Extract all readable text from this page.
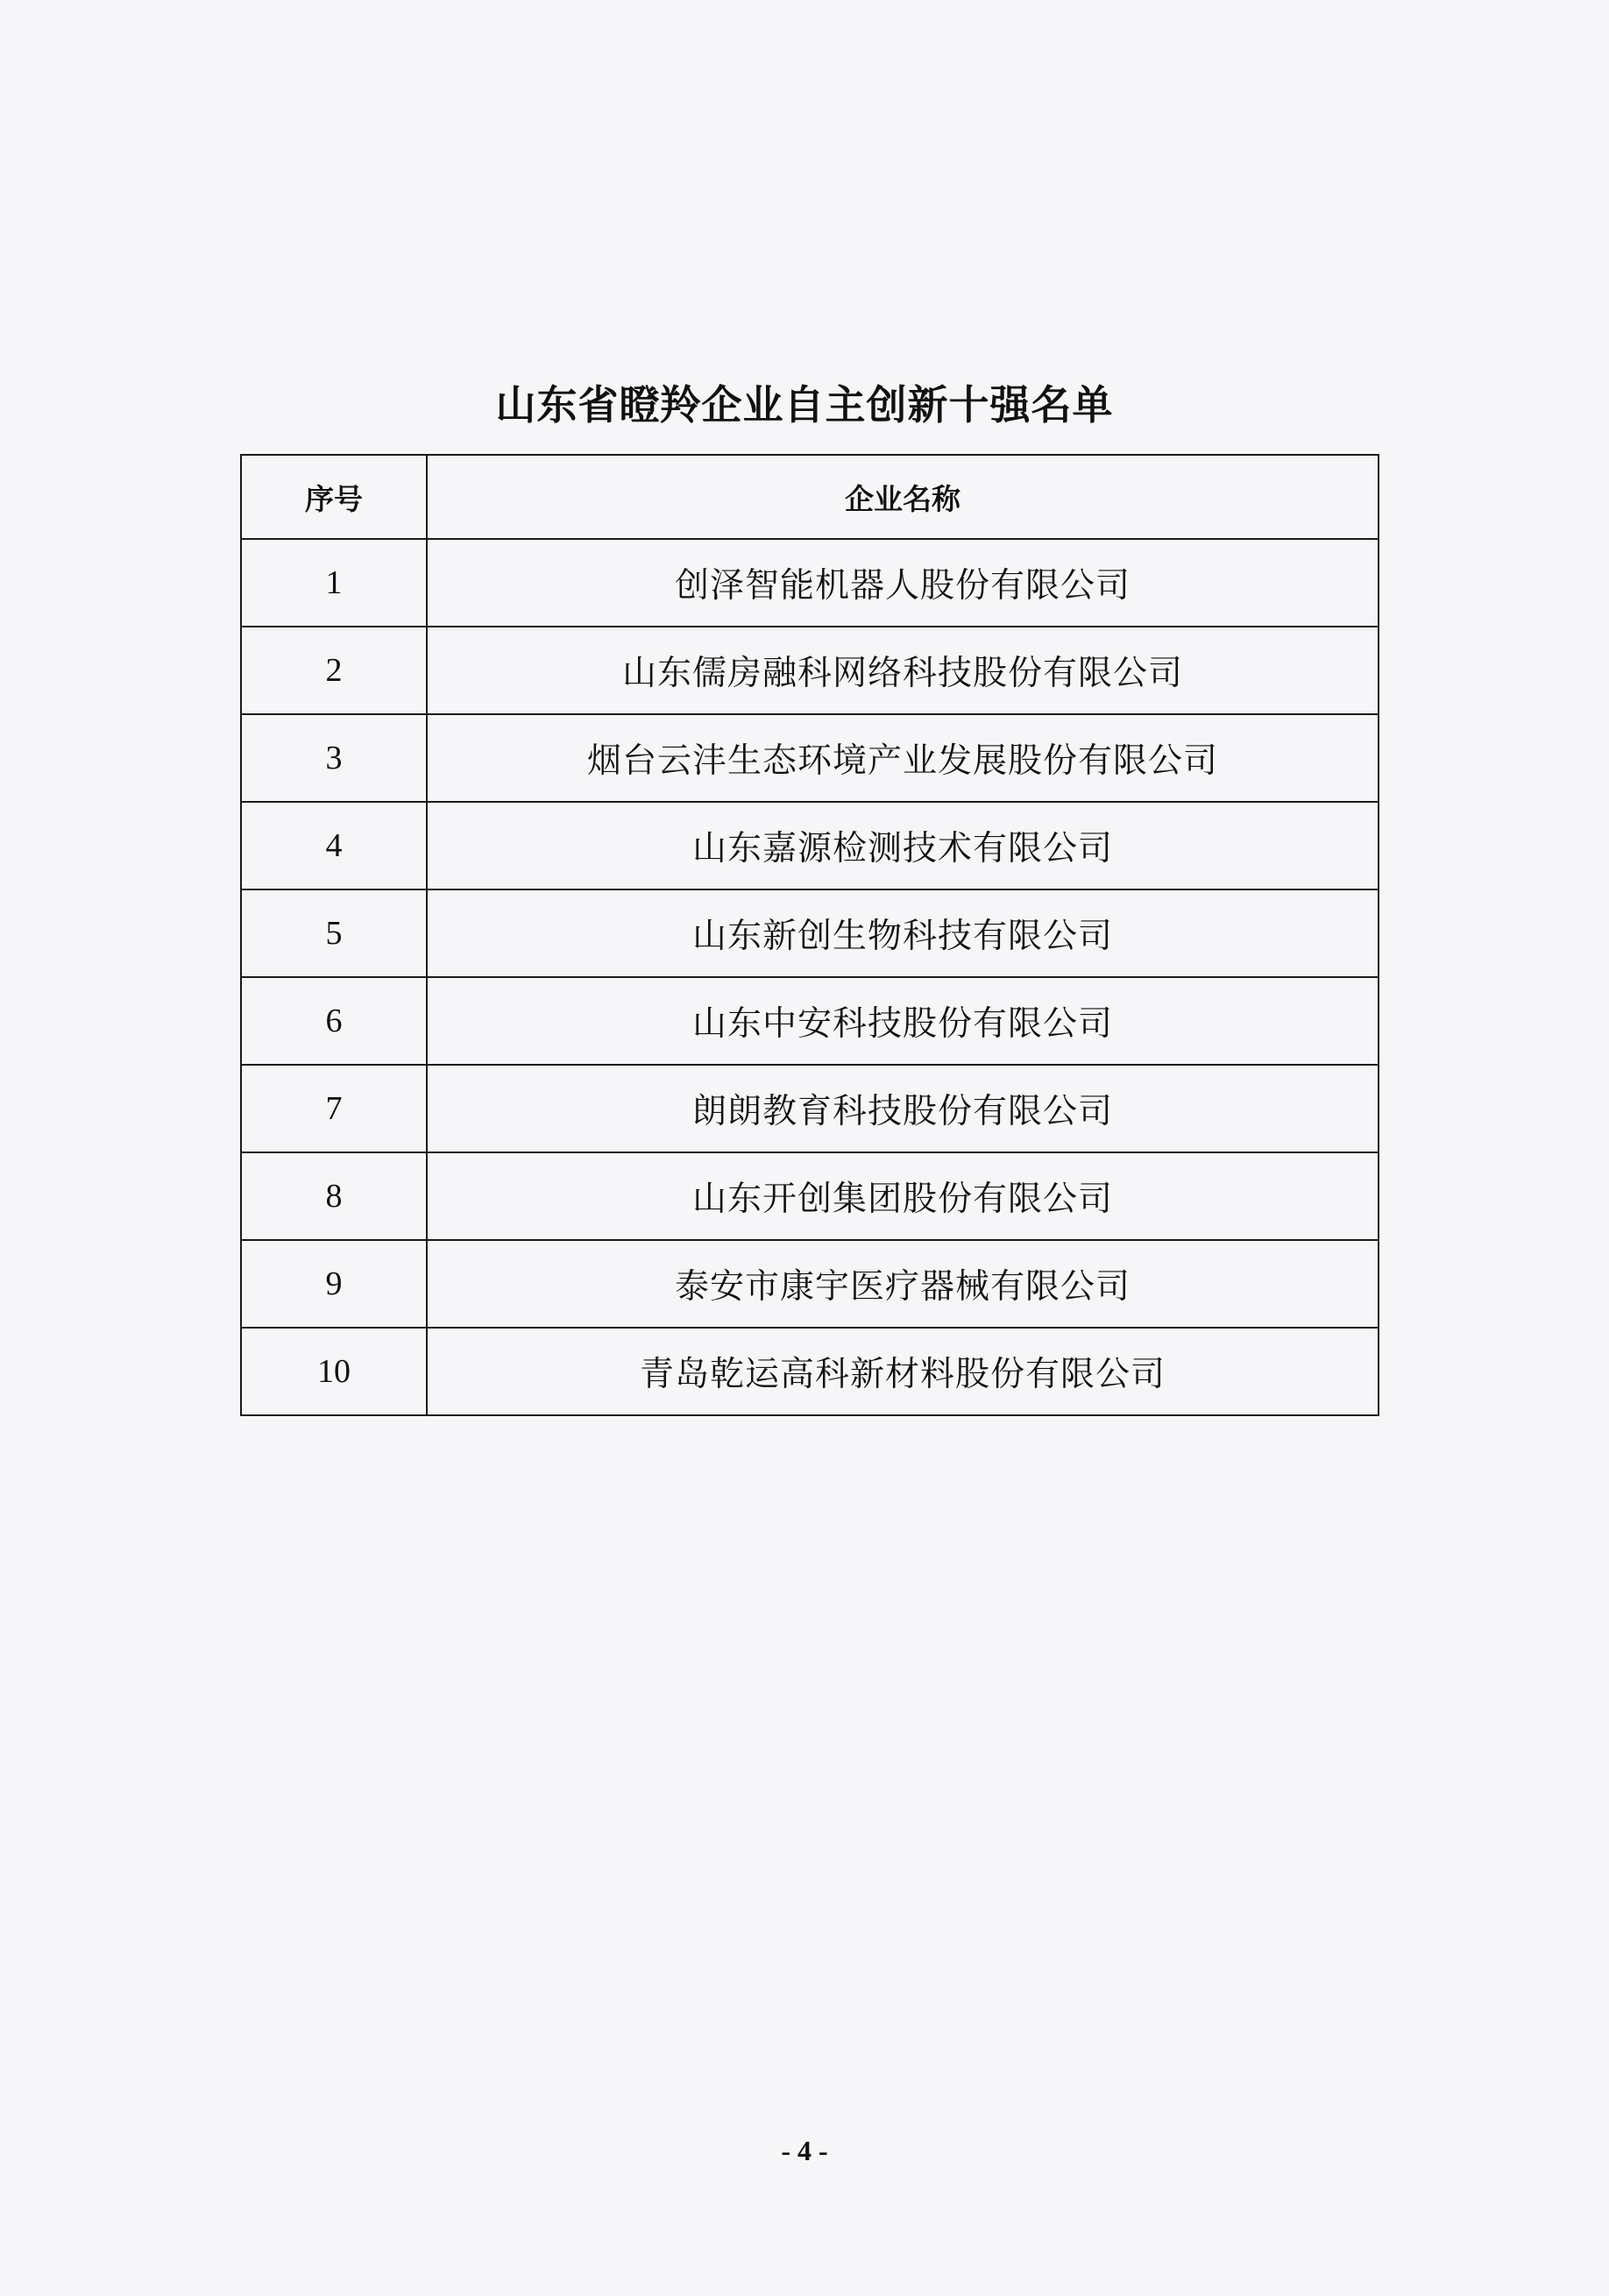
山东省瞪羚企业自主创新十强名单
序号	企业名称
1	创泽智能机器人股份有限公司
2	山东儒房融科网络科技股份有限公司
3	烟台云沣生态环境产业发展股份有限公司
4	山东嘉源检测技术有限公司
5	山东新创生物科技有限公司
6	山东中安科技股份有限公司
7	朗朗教育科技股份有限公司
8	山东开创集团股份有限公司
9	泰安市康宇医疗器械有限公司
10	青岛乾运高科新材料股份有限公司
- 4 -
